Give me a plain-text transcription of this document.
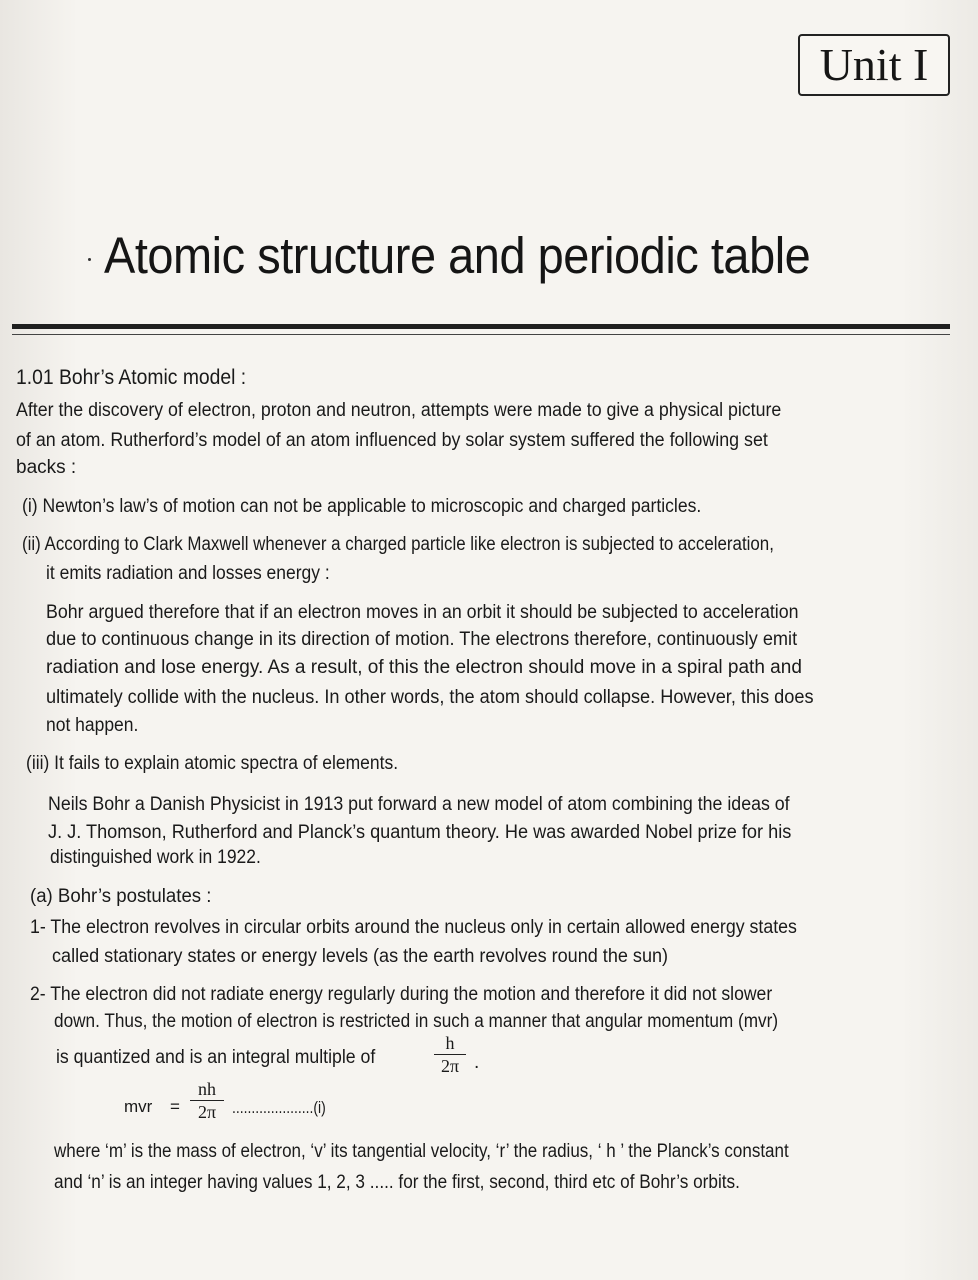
Unit I
Atomic structure and periodic table
1.01 Bohr’s Atomic model :
After the discovery of electron, proton and neutron, attempts were made to give a physical picture
of an atom. Rutherford’s model of an atom influenced by solar system suffered the following set
backs :
(i) Newton’s law’s of motion can not be applicable to microscopic and charged particles.
(ii) According to Clark Maxwell whenever a charged particle like electron is subjected to acceleration,
it emits radiation and losses energy :
Bohr argued therefore that if an electron moves in an orbit it should be subjected to acceleration
due to continuous change in its direction of motion. The electrons therefore, continuously emit
radiation and lose energy. As a result, of this the electron should move in a spiral path and
ultimately collide with the nucleus. In other words, the atom should collapse. However, this does
not happen.
(iii) It fails to explain atomic spectra of elements.
Neils Bohr a Danish Physicist in 1913 put forward a new model of atom combining the ideas of
J. J. Thomson, Rutherford and Planck’s quantum theory. He was awarded Nobel prize for his
distinguished work in 1922.
(a) Bohr’s postulates :
1- The electron revolves in circular orbits around the nucleus only in certain allowed energy states
called stationary states or energy levels (as the earth revolves round the sun)
2- The electron did not radiate energy regularly during the motion and therefore it did not slower
down. Thus, the motion of electron is restricted in such a manner that angular momentum (mvr)
is quantized and is an integral multiple of
h
2π .
mvr =
nh
2π .....................(i)
where ‘m’ is the mass of electron, ‘v’ its tangential velocity, ‘r’ the radius, ‘ h ’ the Planck’s constant
and ‘n’ is an integer having values 1, 2, 3 ..... for the first, second, third etc of Bohr’s orbits.
